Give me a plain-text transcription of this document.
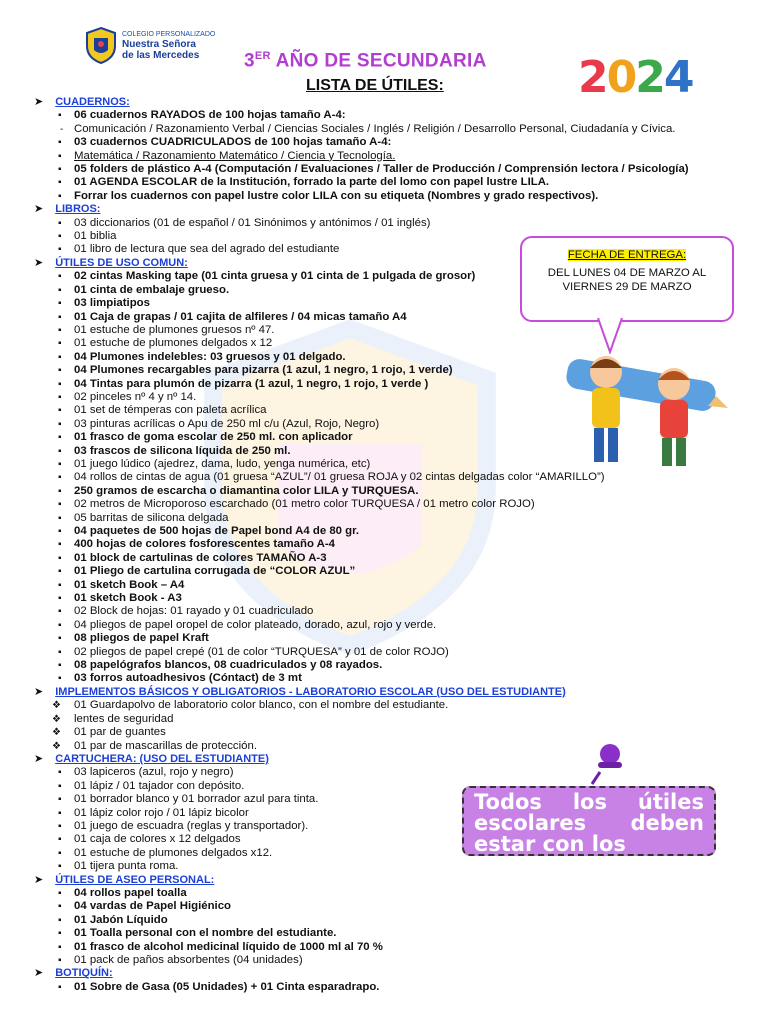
COLEGIO PERSONALIZADO
Nuestra Señora
de las Mercedes	3ER AÑO DE SECUNDARIA
LISTA DE ÚTILES:	2024
➤ CUADERNOS:
▪ 06 cuadernos RAYADOS de 100 hojas tamaño A-4:
- Comunicación / Razonamiento Verbal / Ciencias Sociales / Inglés / Religión / Desarrollo Personal, Ciudadanía y Cívica.
▪ 03 cuadernos CUADRICULADOS de 100 hojas tamaño A-4:
▪ Matemática / Razonamiento Matemático / Ciencia y Tecnología.
▪ 05 folders de plástico A-4 (Computación / Evaluaciones / Taller de Producción / Comprensión lectora / Psicología)
▪ 01 AGENDA ESCOLAR de la Institución, forrado la parte del lomo con papel lustre LILA.
▪ Forrar los cuadernos con papel lustre color LILA con su etiqueta (Nombres y grado respectivos).
➤ LIBROS:
▪ 03 diccionarios (01 de español / 01 Sinónimos y antónimos / 01 inglés)
▪ 01 biblia
▪ 01 libro de lectura que sea del agrado del estudiante
➤ ÚTILES DE USO COMUN:
▪ 02 cintas Masking tape (01 cinta gruesa y 01 cinta de 1 pulgada de grosor)
▪ 01 cinta de embalaje grueso.
▪ 03 limpiatipos
▪ 01 Caja de grapas / 01 cajita de alfileres / 04 micas tamaño A4
▪ 01 estuche de plumones gruesos nº 47.
▪ 01 estuche de plumones delgados x 12
▪ 04 Plumones indelebles: 03 gruesos y 01 delgado.
▪ 04 Plumones recargables para pizarra (1 azul, 1 negro, 1 rojo, 1 verde)
▪ 04 Tintas para plumón de pizarra (1 azul, 1 negro, 1 rojo, 1 verde )
▪ 02 pinceles nº 4 y nº 14.
▪ 01 set de témperas con paleta acrílica
▪ 03 pinturas acrílicas o Apu de 250 ml c/u (Azul, Rojo, Negro)
▪ 01 frasco de goma escolar de 250 ml. con aplicador
▪ 03 frascos de silicona líquida de 250 ml.
▪ 01 juego lúdico (ajedrez, dama, ludo, yenga numérica, etc)
▪ 04 rollos de cintas de agua (01 gruesa “AZUL”/ 01 gruesa ROJA y 02 cintas delgadas color “AMARILLO”)
▪ 250 gramos de escarcha o diamantina color LILA y TURQUESA.
▪ 02 metros de Microporoso escarchado (01 metro color TURQUESA / 01 metro color ROJO)
▪ 05 barritas de silicona delgada
▪ 04 paquetes de 500 hojas de Papel bond A4 de 80 gr.
▪ 400 hojas de colores fosforescentes tamaño A-4
▪ 01 block de cartulinas de colores TAMAÑO A-3
▪ 01 Pliego de cartulina corrugada de “COLOR AZUL”
▪ 01 sketch Book – A4
▪ 01 sketch Book - A3
▪ 02 Block de hojas: 01 rayado y 01 cuadriculado
▪ 04 pliegos de papel oropel de color plateado, dorado, azul, rojo y verde.
▪ 08 pliegos de papel Kraft
▪ 02 pliegos de papel crepé (01 de color “TURQUESA” y 01 de color ROJO)
▪ 08 papelógrafos blancos, 08 cuadriculados y 08 rayados.
▪ 03 forros autoadhesivos (Cóntact) de 3 mt
➤ IMPLEMENTOS BÁSICOS Y OBLIGATORIOS - LABORATORIO ESCOLAR (USO DEL ESTUDIANTE)
❖ 01 Guardapolvo de laboratorio color blanco, con el nombre del estudiante.
❖ lentes de seguridad
❖ 01 par de guantes
❖ 01 par de mascarillas de protección.
➤ CARTUCHERA: (USO DEL ESTUDIANTE)
▪ 03 lapiceros (azul, rojo y negro)
▪ 01 lápiz / 01 tajador con depósito.
▪ 01 borrador blanco y 01 borrador azul para tinta.
▪ 01 lápiz color rojo / 01 lápiz bicolor
▪ 01 juego de escuadra (reglas y transportador).
▪ 01 caja de colores x 12 delgados
▪ 01 estuche de plumones delgados x12.
▪ 01 tijera punta roma.
➤ ÚTILES DE ASEO PERSONAL:
▪ 04 rollos papel toalla
▪ 04 vardas de Papel Higiénico
▪ 01 Jabón Líquido
▪ 01 Toalla personal con el nombre del estudiante.
▪ 01 frasco de alcohol medicinal líquido de 1000 ml al 70 %
▪ 01 pack de paños absorbentes (04 unidades)
➤ BOTIQUÍN:
▪ 01 Sobre de Gasa (05 Unidades) + 01 Cinta esparadrapo.
FECHA DE ENTREGA:
DEL LUNES 04 DE MARZO AL VIERNES 29 DE MARZO
Todos los útiles escolares deben estar con los
